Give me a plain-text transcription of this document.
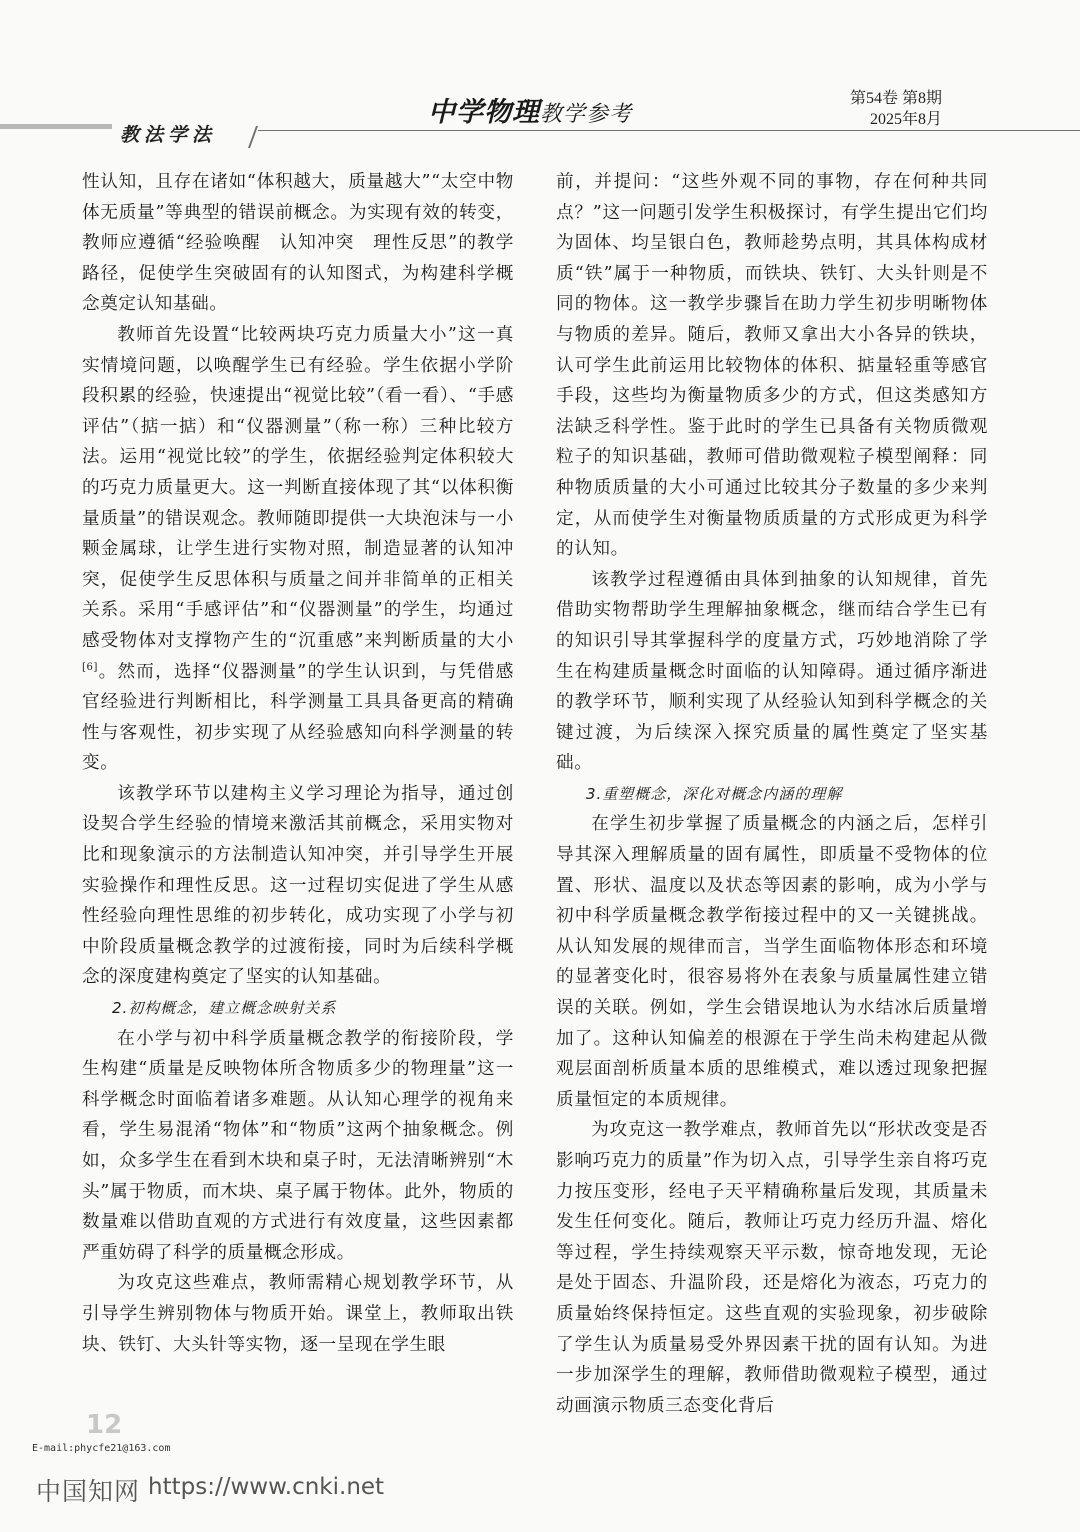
教法学法
中学物理教学参考
第54卷 第8期
2025年8月

性认知，且存在诸如“体积越大，质量越大”“太空中物体无质量”等典型的错误前概念。为实现有效的转变，教师应遵循“经验唤醒　认知冲突　理性反思”的教学路径，促使学生突破固有的认知图式，为构建科学概念奠定认知基础。

教师首先设置“比较两块巧克力质量大小”这一真实情境问题，以唤醒学生已有经验。学生依据小学阶段积累的经验，快速提出“视觉比较”（看一看）、“手感评估”（掂一掂）和“仪器测量”（称一称）三种比较方法。运用“视觉比较”的学生，依据经验判定体积较大的巧克力质量更大。这一判断直接体现了其“以体积衡量质量”的错误观念。教师随即提供一大块泡沫与一小颗金属球，让学生进行实物对照，制造显著的认知冲突，促使学生反思体积与质量之间并非简单的正相关关系。采用“手感评估”和“仪器测量”的学生，均通过感受物体对支撑物产生的“沉重感”来判断质量的大小[6]。然而，选择“仪器测量”的学生认识到，与凭借感官经验进行判断相比，科学测量工具具备更高的精确性与客观性，初步实现了从经验感知向科学测量的转变。

该教学环节以建构主义学习理论为指导，通过创设契合学生经验的情境来激活其前概念，采用实物对比和现象演示的方法制造认知冲突，并引导学生开展实验操作和理性反思。这一过程切实促进了学生从感性经验向理性思维的初步转化，成功实现了小学与初中阶段质量概念教学的过渡衔接，同时为后续科学概念的深度建构奠定了坚实的认知基础。

2.初构概念，建立概念映射关系

在小学与初中科学质量概念教学的衔接阶段，学生构建“质量是反映物体所含物质多少的物理量”这一科学概念时面临着诸多难题。从认知心理学的视角来看，学生易混淆“物体”和“物质”这两个抽象概念。例如，众多学生在看到木块和桌子时，无法清晰辨别“木头”属于物质，而木块、桌子属于物体。此外，物质的数量难以借助直观的方式进行有效度量，这些因素都严重妨碍了科学的质量概念形成。

为攻克这些难点，教师需精心规划教学环节，从引导学生辨别物体与物质开始。课堂上，教师取出铁块、铁钉、大头针等实物，逐一呈现在学生眼

前，并提问：“这些外观不同的事物，存在何种共同点？”这一问题引发学生积极探讨，有学生提出它们均为固体、均呈银白色，教师趁势点明，其具体构成材质“铁”属于一种物质，而铁块、铁钉、大头针则是不同的物体。这一教学步骤旨在助力学生初步明晰物体与物质的差异。随后，教师又拿出大小各异的铁块，认可学生此前运用比较物体的体积、掂量轻重等感官手段，这些均为衡量物质多少的方式，但这类感知方法缺乏科学性。鉴于此时的学生已具备有关物质微观粒子的知识基础，教师可借助微观粒子模型阐释：同种物质质量的大小可通过比较其分子数量的多少来判定，从而使学生对衡量物质质量的方式形成更为科学的认知。

该教学过程遵循由具体到抽象的认知规律，首先借助实物帮助学生理解抽象概念，继而结合学生已有的知识引导其掌握科学的度量方式，巧妙地消除了学生在构建质量概念时面临的认知障碍。通过循序渐进的教学环节，顺利实现了从经验认知到科学概念的关键过渡，为后续深入探究质量的属性奠定了坚实基础。

3.重塑概念，深化对概念内涵的理解

在学生初步掌握了质量概念的内涵之后，怎样引导其深入理解质量的固有属性，即质量不受物体的位置、形状、温度以及状态等因素的影响，成为小学与初中科学质量概念教学衔接过程中的又一关键挑战。从认知发展的规律而言，当学生面临物体形态和环境的显著变化时，很容易将外在表象与质量属性建立错误的关联。例如，学生会错误地认为水结冰后质量增加了。这种认知偏差的根源在于学生尚未构建起从微观层面剖析质量本质的思维模式，难以透过现象把握质量恒定的本质规律。

为攻克这一教学难点，教师首先以“形状改变是否影响巧克力的质量”作为切入点，引导学生亲自将巧克力按压变形，经电子天平精确称量后发现，其质量未发生任何变化。随后，教师让巧克力经历升温、熔化等过程，学生持续观察天平示数，惊奇地发现，无论是处于固态、升温阶段，还是熔化为液态，巧克力的质量始终保持恒定。这些直观的实验现象，初步破除了学生认为质量易受外界因素干扰的固有认知。为进一步加深学生的理解，教师借助微观粒子模型，通过动画演示物质三态变化背后

12
E-mail:phycfe21@163.com
中国知网 https://www.cnki.net
